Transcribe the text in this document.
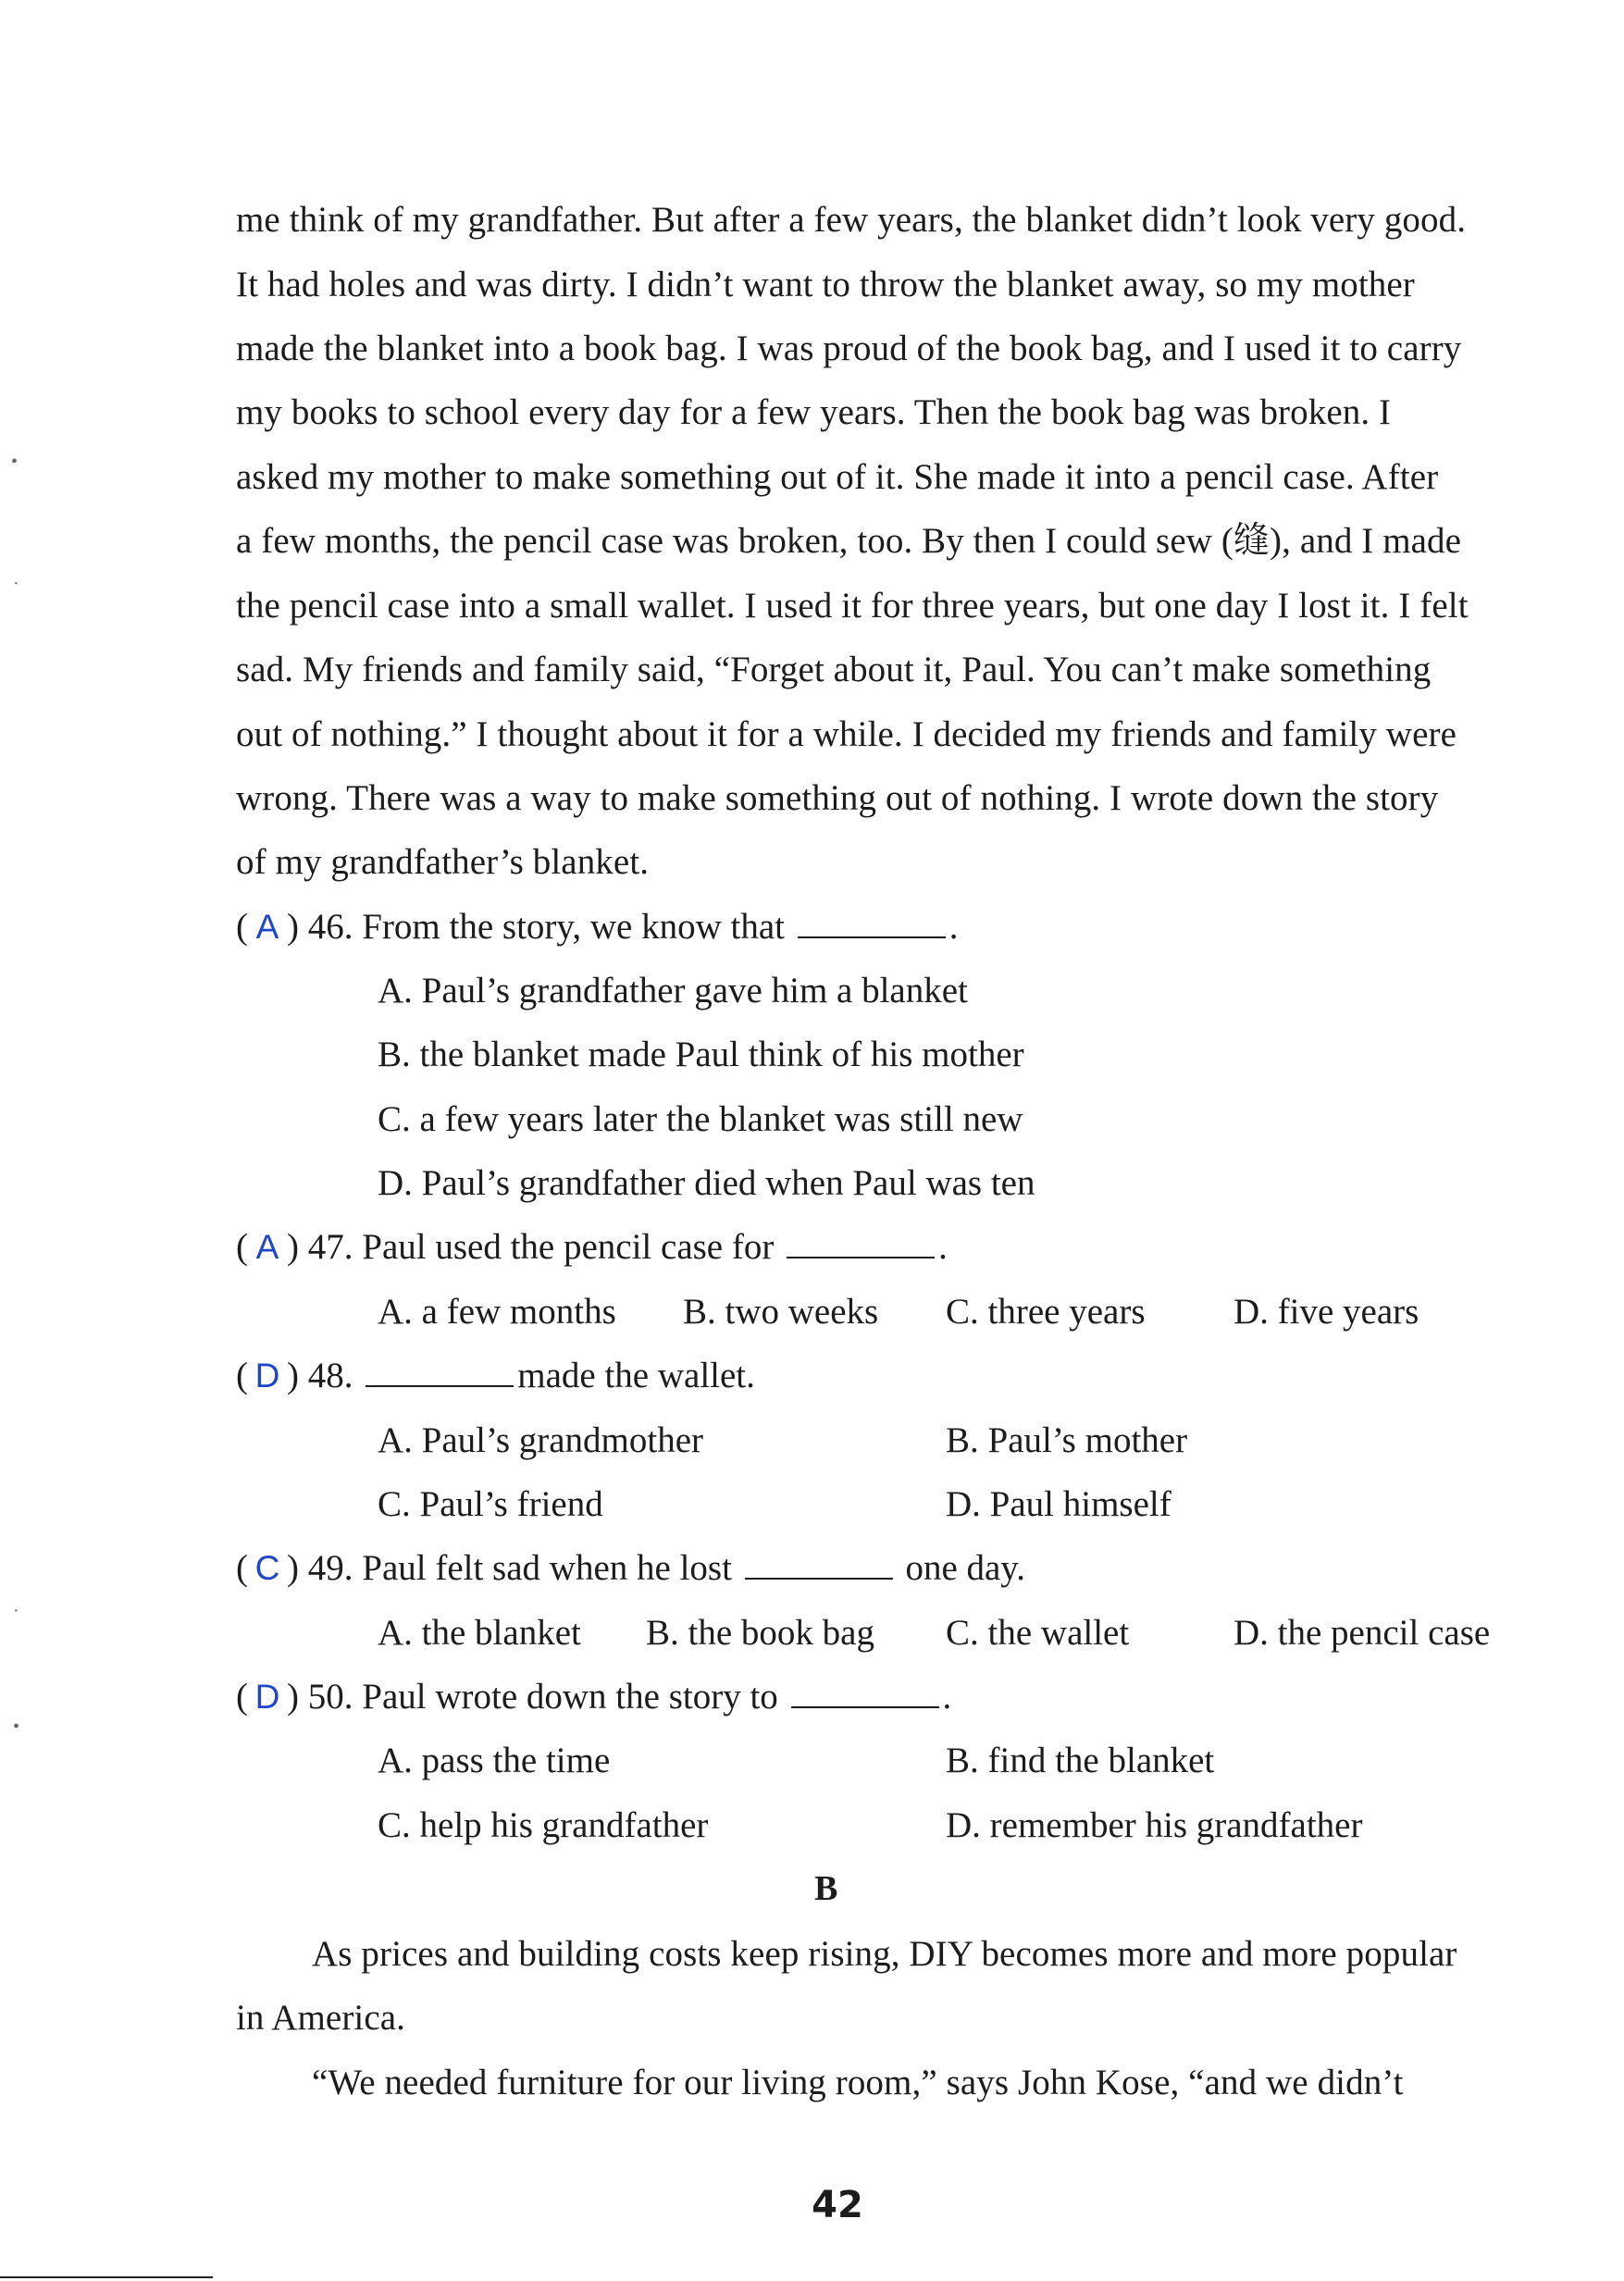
me think of my grandfather. But after a few years, the blanket didn’t look very good.
It had holes and was dirty. I didn’t want to throw the blanket away, so my mother
made the blanket into a book bag. I was proud of the book bag, and I used it to carry
my books to school every day for a few years. Then the book bag was broken. I
asked my mother to make something out of it. She made it into a pencil case. After
a few months, the pencil case was broken, too. By then I could sew (缝), and I made
the pencil case into a small wallet. I used it for three years, but one day I lost it. I felt
sad. My friends and family said, “Forget about it, Paul. You can’t make something
out of nothing.” I thought about it for a while. I decided my friends and family were
wrong. There was a way to make something out of nothing. I wrote down the story
of my grandfather’s blanket.
( A ) 46. From the story, we know that	.
A. Paul’s grandfather gave him a blanket
B. the blanket made Paul think of his mother
C. a few years later the blanket was still new
D. Paul’s grandfather died when Paul was ten
( A ) 47. Paul used the pencil case for	.
A. a few months B. two weeks C. three years D. five years
( D ) 48.	made the wallet.
A. Paul’s grandmother	B. Paul’s mother
C. Paul’s friend	D. Paul himself
( C ) 49. Paul felt sad when he lost	one day.
A. the blanket B. the book bag C. the wallet	D. the pencil case
( D ) 50. Paul wrote down the story to	.
A. pass the time	B. find the blanket
C. help his grandfather	D. remember his grandfather
B
As prices and building costs keep rising, DIY becomes more and more popular
in America.
“We needed furniture for our living room,” says John Kose, “and we didn’t
42
•
·
·
•
